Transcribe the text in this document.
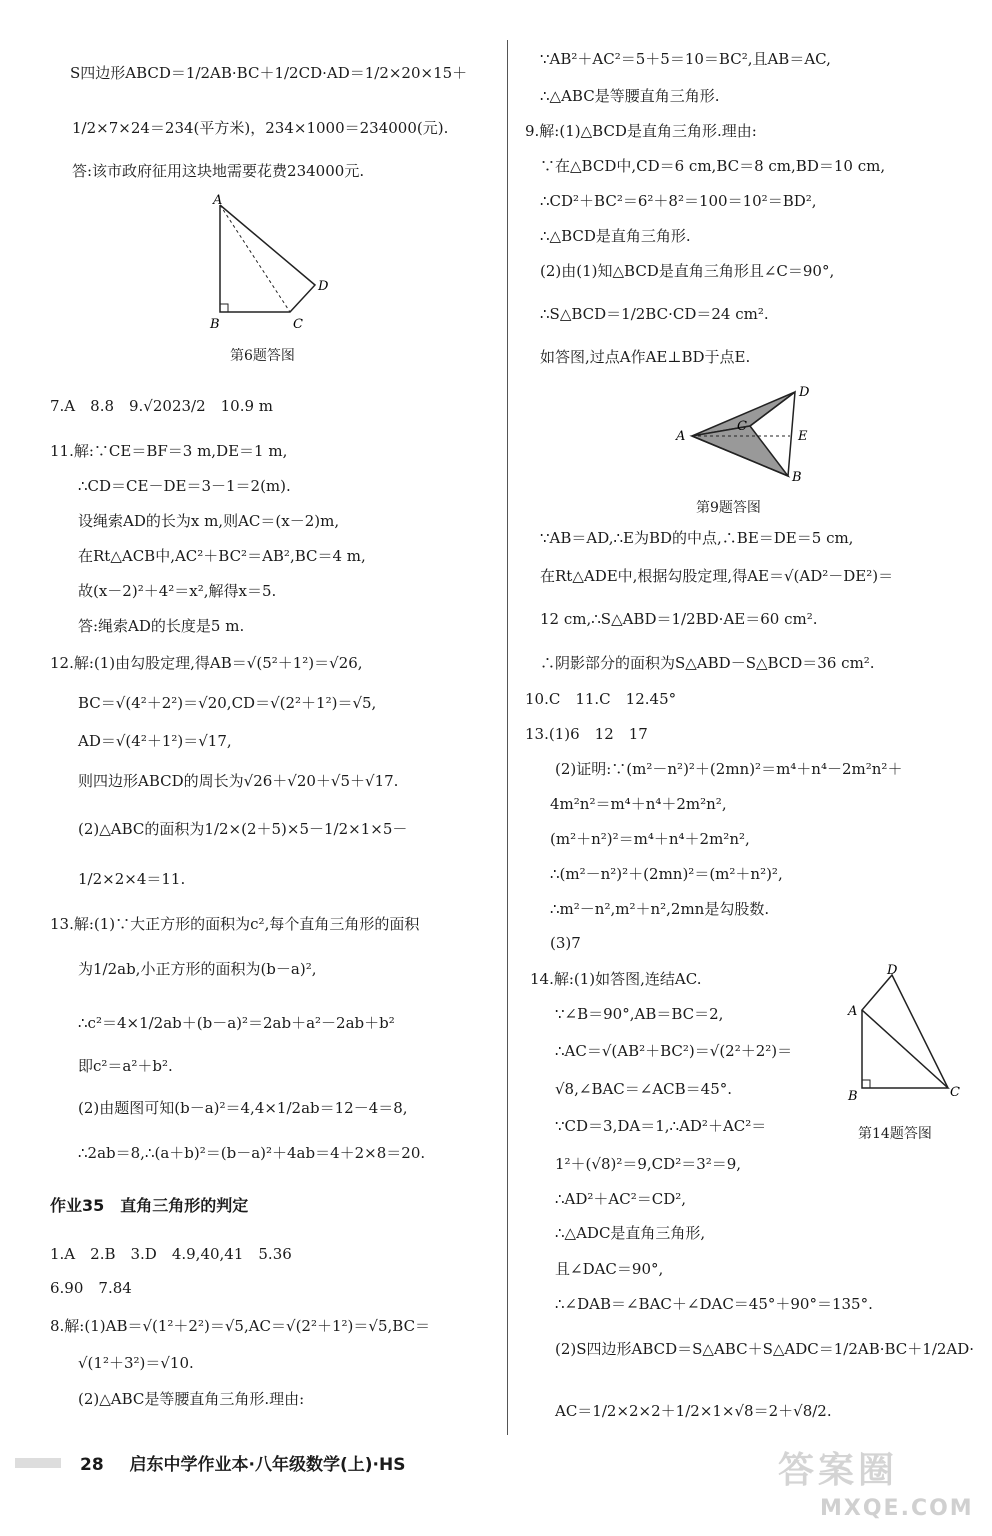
S四边形ABCD＝1/2AB·BC＋1/2CD·AD＝1/2×20×15＋
1/2×7×24＝234(平方米)，234×1000＝234000(元).
答:该市政府征用这块地需要花费234000元.
A
B	C
D
第6题答图
7.A　8.8　9.√2023/2　10.9 m
11.解:∵CE＝BF＝3 m,DE＝1 m,
∴CD＝CE－DE＝3－1＝2(m).
设绳索AD的长为x m,则AC＝(x－2)m,
在Rt△ACB中,AC²＋BC²＝AB²,BC＝4 m,
故(x－2)²＋4²＝x²,解得x＝5.
答:绳索AD的长度是5 m.
12.解:(1)由勾股定理,得AB＝√(5²＋1²)＝√26,
BC＝√(4²＋2²)＝√20,CD＝√(2²＋1²)＝√5,
AD＝√(4²＋1²)＝√17,
则四边形ABCD的周长为√26＋√20＋√5＋√17.
(2)△ABC的面积为1/2×(2＋5)×5－1/2×1×5－
1/2×2×4＝11.
13.解:(1)∵大正方形的面积为c²,每个直角三角形的面积
为1/2ab,小正方形的面积为(b－a)²,
∴c²＝4×1/2ab＋(b－a)²＝2ab＋a²－2ab＋b²
即c²＝a²＋b².
(2)由题图可知(b－a)²＝4,4×1/2ab＝12－4＝8,
∴2ab＝8,∴(a＋b)²＝(b－a)²＋4ab＝4＋2×8＝20.
作业35　直角三角形的判定
1.A　2.B　3.D　4.9,40,41　5.36
6.90　7.84
8.解:(1)AB＝√(1²＋2²)＝√5,AC＝√(2²＋1²)＝√5,BC＝
√(1²＋3²)＝√10.
(2)△ABC是等腰直角三角形.理由:
∵AB²＋AC²＝5＋5＝10＝BC²,且AB＝AC,
∴△ABC是等腰直角三角形.
9.解:(1)△BCD是直角三角形.理由:
∵在△BCD中,CD＝6 cm,BC＝8 cm,BD＝10 cm,
∴CD²＋BC²＝6²＋8²＝100＝10²＝BD²,
∴△BCD是直角三角形.
(2)由(1)知△BCD是直角三角形且∠C＝90°,
∴S△BCD＝1/2BC·CD＝24 cm².
如答图,过点A作AE⊥BD于点E.
A
B
C
D
E
第9题答图
∵AB＝AD,∴E为BD的中点,∴BE＝DE＝5 cm,
在Rt△ADE中,根据勾股定理,得AE＝√(AD²－DE²)＝
12 cm,∴S△ABD＝1/2BD·AE＝60 cm².
∴阴影部分的面积为S△ABD－S△BCD＝36 cm².
10.C　11.C　12.45°
13.(1)6　12　17
(2)证明:∵(m²－n²)²＋(2mn)²＝m⁴＋n⁴－2m²n²＋
4m²n²＝m⁴＋n⁴＋2m²n²,
(m²＋n²)²＝m⁴＋n⁴＋2m²n²,
∴(m²－n²)²＋(2mn)²＝(m²＋n²)²,
∴m²－n²,m²＋n²,2mn是勾股数.
(3)7
14.解:(1)如答图,连结AC.
∵∠B＝90°,AB＝BC＝2,
∴AC＝√(AB²＋BC²)＝√(2²＋2²)＝
√8,∠BAC＝∠ACB＝45°.
∵CD＝3,DA＝1,∴AD²＋AC²＝
1²＋(√8)²＝9,CD²＝3²＝9,
∴AD²＋AC²＝CD²,
∴△ADC是直角三角形,
且∠DAC＝90°,
∴∠DAB＝∠BAC＋∠DAC＝45°＋90°＝135°.
(2)S四边形ABCD＝S△ABC＋S△ADC＝1/2AB·BC＋1/2AD·
AC＝1/2×2×2＋1/2×1×√8＝2＋√8/2.
A
B	C
D
第14题答图
28 启东中学作业本·八年级数学(上)·HS	答案圈
MXQE.COM
